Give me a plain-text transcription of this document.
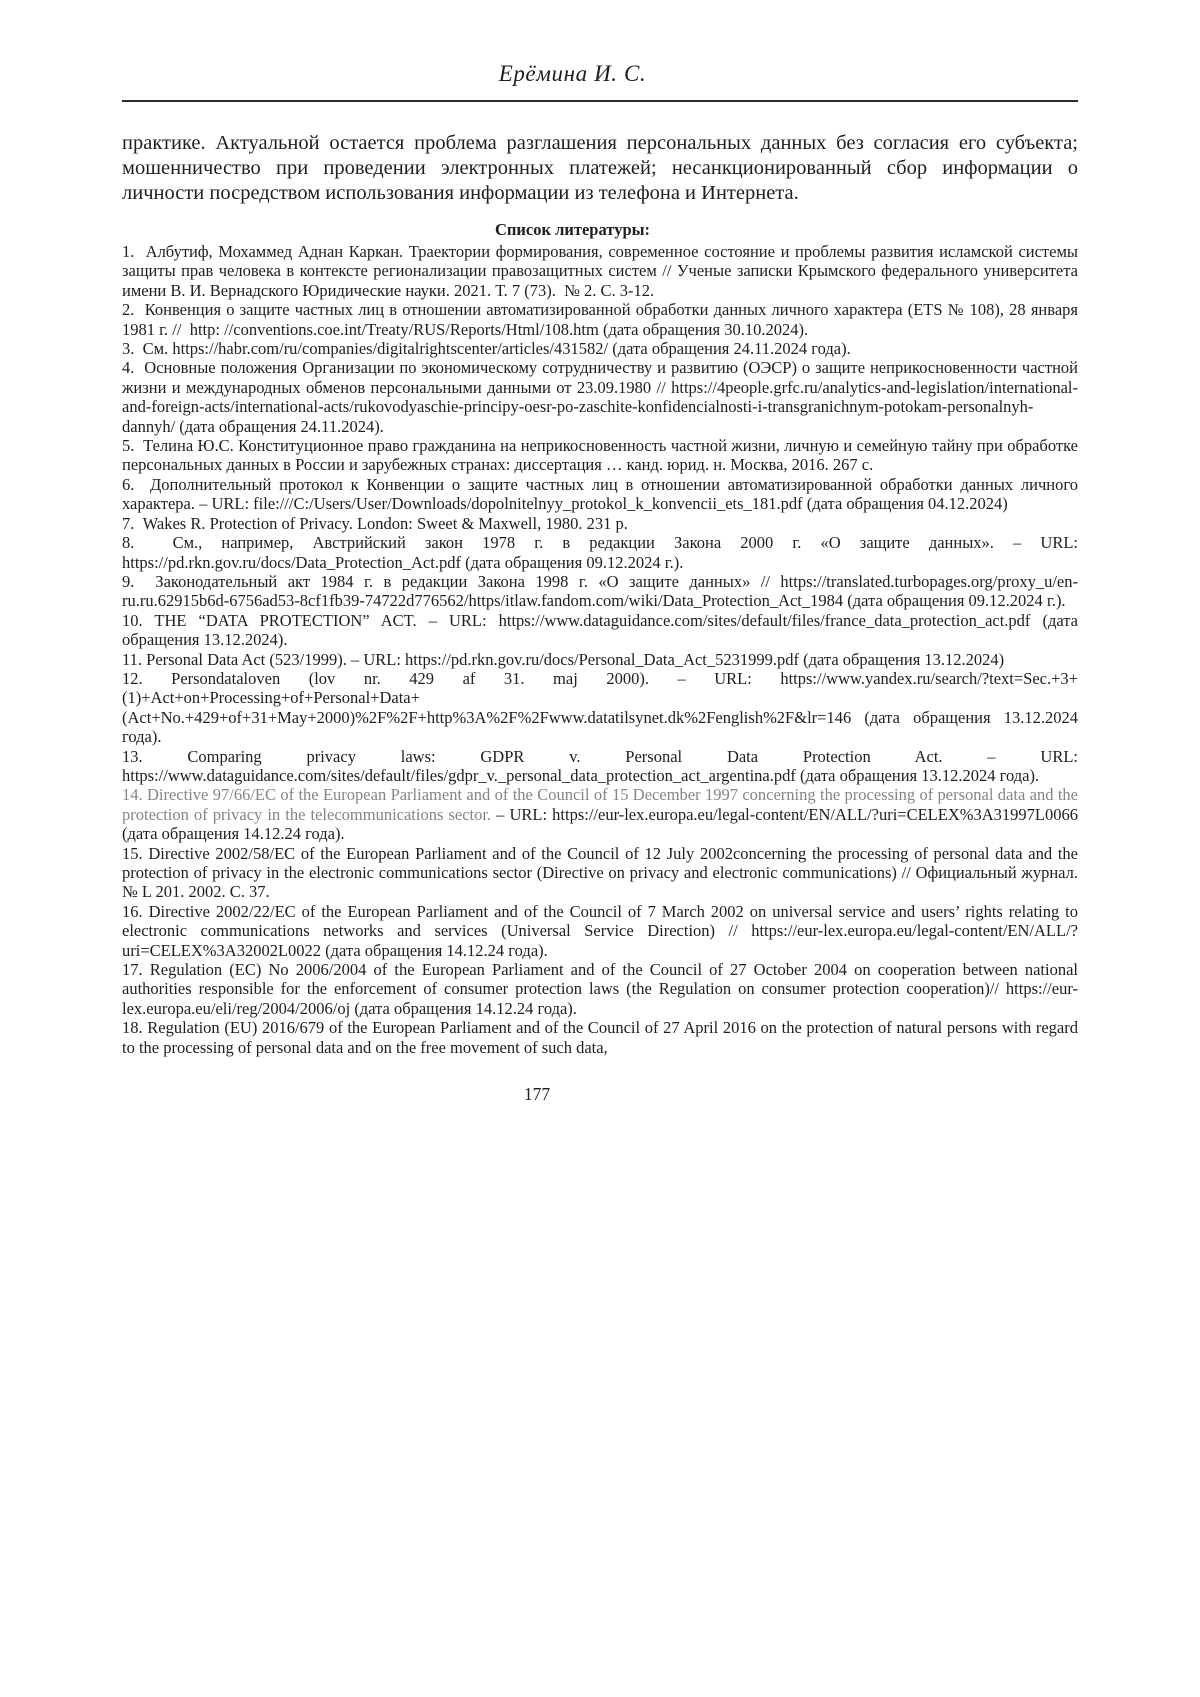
Ерёмина И. С.

практике. Актуальной остается проблема разглашения персональных данных без согласия его субъекта; мошенничество при проведении электронных платежей; несанкционированный сбор информации о личности посредством использования информации из телефона и Интернета.

Список литературы:

1.  Албутиф, Мохаммед Аднан Каркан. Траектории формирования, современное состояние и проблемы развития исламской системы защиты прав человека в контексте регионализации правозащитных систем // Ученые записки Крымского федерального университета имени В. И. Вернадского Юридические науки. 2021. Т. 7 (73).  № 2. С. 3-12.

2.  Конвенция о защите частных лиц в отношении автоматизированной обработки данных личного характера (ETS № 108), 28 января 1981 г. //  http: //conventions.coe.int/Treaty/RUS/Reports/Html/108.htm (дата обращения 30.10.2024).

3.  См. https://habr.com/ru/companies/digitalrightscenter/articles/431582/ (дата обращения 24.11.2024 года).

4.  Основные положения Организации по экономическому сотрудничеству и развитию (ОЭСР) о защите неприкосновенности частной жизни и международных обменов персональными данными от 23.09.1980 // https://4people.grfc.ru/analytics-and-legislation/international-and-foreign-acts/international-acts/rukovodyaschie-principy-oesr-po-zaschite-konfidencialnosti-i-transgranichnym-potokam-personalnyh-dannyh/ (дата обращения 24.11.2024).

5.  Телина Ю.С. Конституционное право гражданина на неприкосновенность частной жизни, личную и семейную тайну при обработке персональных данных в России и зарубежных странах: диссертация … канд. юрид. н. Москва, 2016. 267 с.

6.  Дополнительный протокол к Конвенции о защите частных лиц в отношении автоматизированной обработки данных личного характера. – URL: file:///C:/Users/User/Downloads/dopolnitelnyy_protokol_k_konvencii_ets_181.pdf (дата обращения 04.12.2024)

7.  Wakes R. Protection of Privacy. London: Sweet & Maxwell, 1980. 231 p.

8.  См., например, Австрийский закон 1978 г. в редакции Закона 2000 г. «О защите данных». – URL: https://pd.rkn.gov.ru/docs/Data_Protection_Act.pdf (дата обращения 09.12.2024 г.).

9.  Законодательный акт 1984 г. в редакции Закона 1998 г. «О защите данных» // https://translated.turbopages.org/proxy_u/en-ru.ru.62915b6d-6756ad53-8cf1fb39-74722d776562/https/itlaw.fandom.com/wiki/Data_Protection_Act_1984 (дата обращения 09.12.2024 г.).

10. THE “DATA PROTECTION” ACT. – URL: https://www.dataguidance.com/sites/default/files/france_data_protection_act.pdf (дата обращения 13.12.2024).

11. Personal Data Act (523/1999). – URL: https://pd.rkn.gov.ru/docs/Personal_Data_Act_5231999.pdf (дата обращения 13.12.2024)

12. Persondataloven (lov nr. 429 af 31. maj 2000). – URL: https://www.yandex.ru/search/?text=Sec.+3+(1)+Act+on+Processing+of+Personal+Data+(Act+No.+429+of+31+May+2000)%2F%2F+http%3A%2F%2Fwww.datatilsynet.dk%2Fenglish%2F&lr=146 (дата обращения 13.12.2024 года).

13. Comparing privacy laws: GDPR v. Personal Data Protection Act. – URL: https://www.dataguidance.com/sites/default/files/gdpr_v._personal_data_protection_act_argentina.pdf (дата обращения 13.12.2024 года).

14. Directive 97/66/EC of the European Parliament and of the Council of 15 December 1997 concerning the processing of personal data and the protection of privacy in the telecommunications sector. – URL: https://eur-lex.europa.eu/legal-content/EN/ALL/?uri=CELEX%3A31997L0066 (дата обращения 14.12.24 года).

15. Directive 2002/58/EC of the European Parliament and of the Council of 12 July 2002concerning the processing of personal data and the protection of privacy in the electronic communications sector (Directive on privacy and electronic communications) // Официальный журнал. № L 201. 2002. C. 37.

16. Directive 2002/22/EC of the European Parliament and of the Council of 7 March 2002 on universal service and users’ rights relating to electronic communications networks and services (Universal Service Direction) // https://eur-lex.europa.eu/legal-content/EN/ALL/?uri=CELEX%3A32002L0022 (дата обращения 14.12.24 года).

17. Regulation (EC) No 2006/2004 of the European Parliament and of the Council of 27 October 2004 on cooperation between national authorities responsible for the enforcement of consumer protection laws (the Regulation on consumer protection cooperation)// https://eur-lex.europa.eu/eli/reg/2004/2006/oj (дата обращения 14.12.24 года).

18. Regulation (EU) 2016/679 of the European Parliament and of the Council of 27 April 2016 on the protection of natural persons with regard to the processing of personal data and on the free movement of such data,

177
